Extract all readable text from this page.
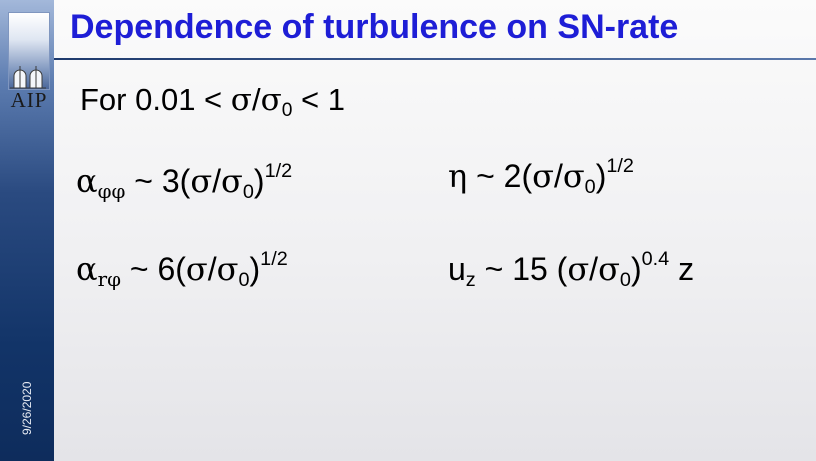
AIP
9/26/2020
Dependence of turbulence on SN-rate
For $0.01 < \sigma/\sigma_0 < 1$
$\alpha_{\varphi\varphi}$ ~ $3(\sigma/\sigma_0)^{1/2}$
$\alpha_{r\varphi}$ ~ $6(\sigma/\sigma_0)^{1/2}$
η ~ $2(\sigma/\sigma_0)^{1/2}$
$u_z$ ~ 15 $(\sigma/\sigma_0)^{0.4}$ z
